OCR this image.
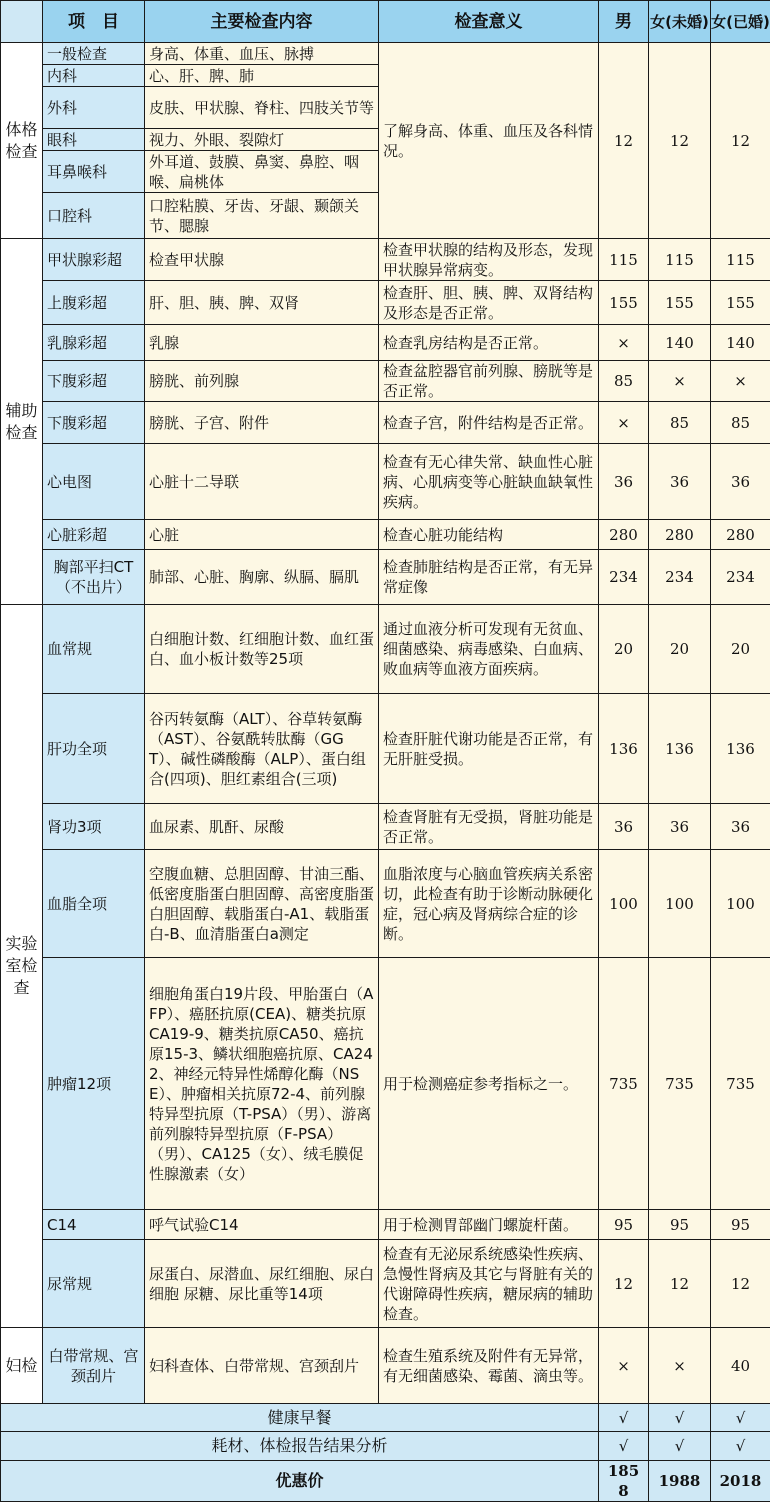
	项　目	主要检查内容	检查意义	男	女(未婚)	女(已婚)
体格检查	一般检查	身高、体重、血压、脉搏	了解身高、体重、血压及各科情况。	12	12	12
	内科	心、肝、脾、肺				
	外科	皮肤、甲状腺、脊柱、四肢关节等				
	眼科	视力、外眼、裂隙灯				
	耳鼻喉科	外耳道、鼓膜、鼻窦、鼻腔、咽喉、扁桃体				
	口腔科	口腔粘膜、牙齿、牙龈、颞颌关节、腮腺				
辅助检查	甲状腺彩超	检查甲状腺	检查甲状腺的结构及形态，发现甲状腺异常病变。	115	115	115
	上腹彩超	肝、胆、胰、脾、双肾	检查肝、胆、胰、脾、双肾结构及形态是否正常。	155	155	155
	乳腺彩超	乳腺	检查乳房结构是否正常。	×	140	140
	下腹彩超	膀胱、前列腺	检查盆腔器官前列腺、膀胱等是否正常。	85	×	×
	下腹彩超	膀胱、子宫、附件	检查子宫，附件结构是否正常。	×	85	85
	心电图	心脏十二导联	检查有无心律失常、缺血性心脏病、心肌病变等心脏缺血缺氧性疾病。	36	36	36
	心脏彩超	心脏	检查心脏功能结构	280	280	280
	胸部平扫CT（不出片）	肺部、心脏、胸廓、纵膈、膈肌	检查肺脏结构是否正常，有无异常症像	234	234	234
实验室检查	血常规	白细胞计数、红细胞计数、血红蛋白、血小板计数等25项	通过血液分析可发现有无贫血、细菌感染、病毒感染、白血病、败血病等血液方面疾病。	20	20	20
	肝功全项	谷丙转氨酶（ALT）、谷草转氨酶（AST）、谷氨酰转肽酶（GGT）、碱性磷酸酶（ALP）、蛋白组合(四项)、胆红素组合(三项)	检查肝脏代谢功能是否正常，有无肝脏受损。	136	136	136
	肾功3项	血尿素、肌酐、尿酸	检查肾脏有无受损，肾脏功能是否正常。	36	36	36
	血脂全项	空腹血糖、总胆固醇、甘油三酯、低密度脂蛋白胆固醇、高密度脂蛋白胆固醇、载脂蛋白-A1、载脂蛋白-B、血清脂蛋白a测定	血脂浓度与心脑血管疾病关系密切，此检查有助于诊断动脉硬化症，冠心病及肾病综合症的诊断。	100	100	100
	肿瘤12项	细胞角蛋白19片段、甲胎蛋白（AFP）、癌胚抗原(CEA)、糖类抗原CA19-9、糖类抗原CA50、癌抗原15-3、鳞状细胞癌抗原、CA242、神经元特异性烯醇化酶（NSE）、肿瘤相关抗原72-4、前列腺特异型抗原（T-PSA）（男）、游离前列腺特异型抗原（F-PSA）（男）、CA125（女）、绒毛膜促性腺激素（女）	用于检测癌症参考指标之一。	735	735	735
	C14	呼气试验C14	用于检测胃部幽门螺旋杆菌。	95	95	95
	尿常规	尿蛋白、尿潜血、尿红细胞、尿白细胞 尿糖、尿比重等14项	检查有无泌尿系统感染性疾病、急慢性肾病及其它与肾脏有关的代谢障碍性疾病，糖尿病的辅助检查。	12	12	12
妇检	白带常规、宫颈刮片	妇科查体、白带常规、宫颈刮片	检查生殖系统及附件有无异常，有无细菌感染、霉菌、滴虫等。	×	×	40
健康早餐				√	√	√
耗材、体检报告结果分析				√	√	√
优惠价				1858	1988	2018
